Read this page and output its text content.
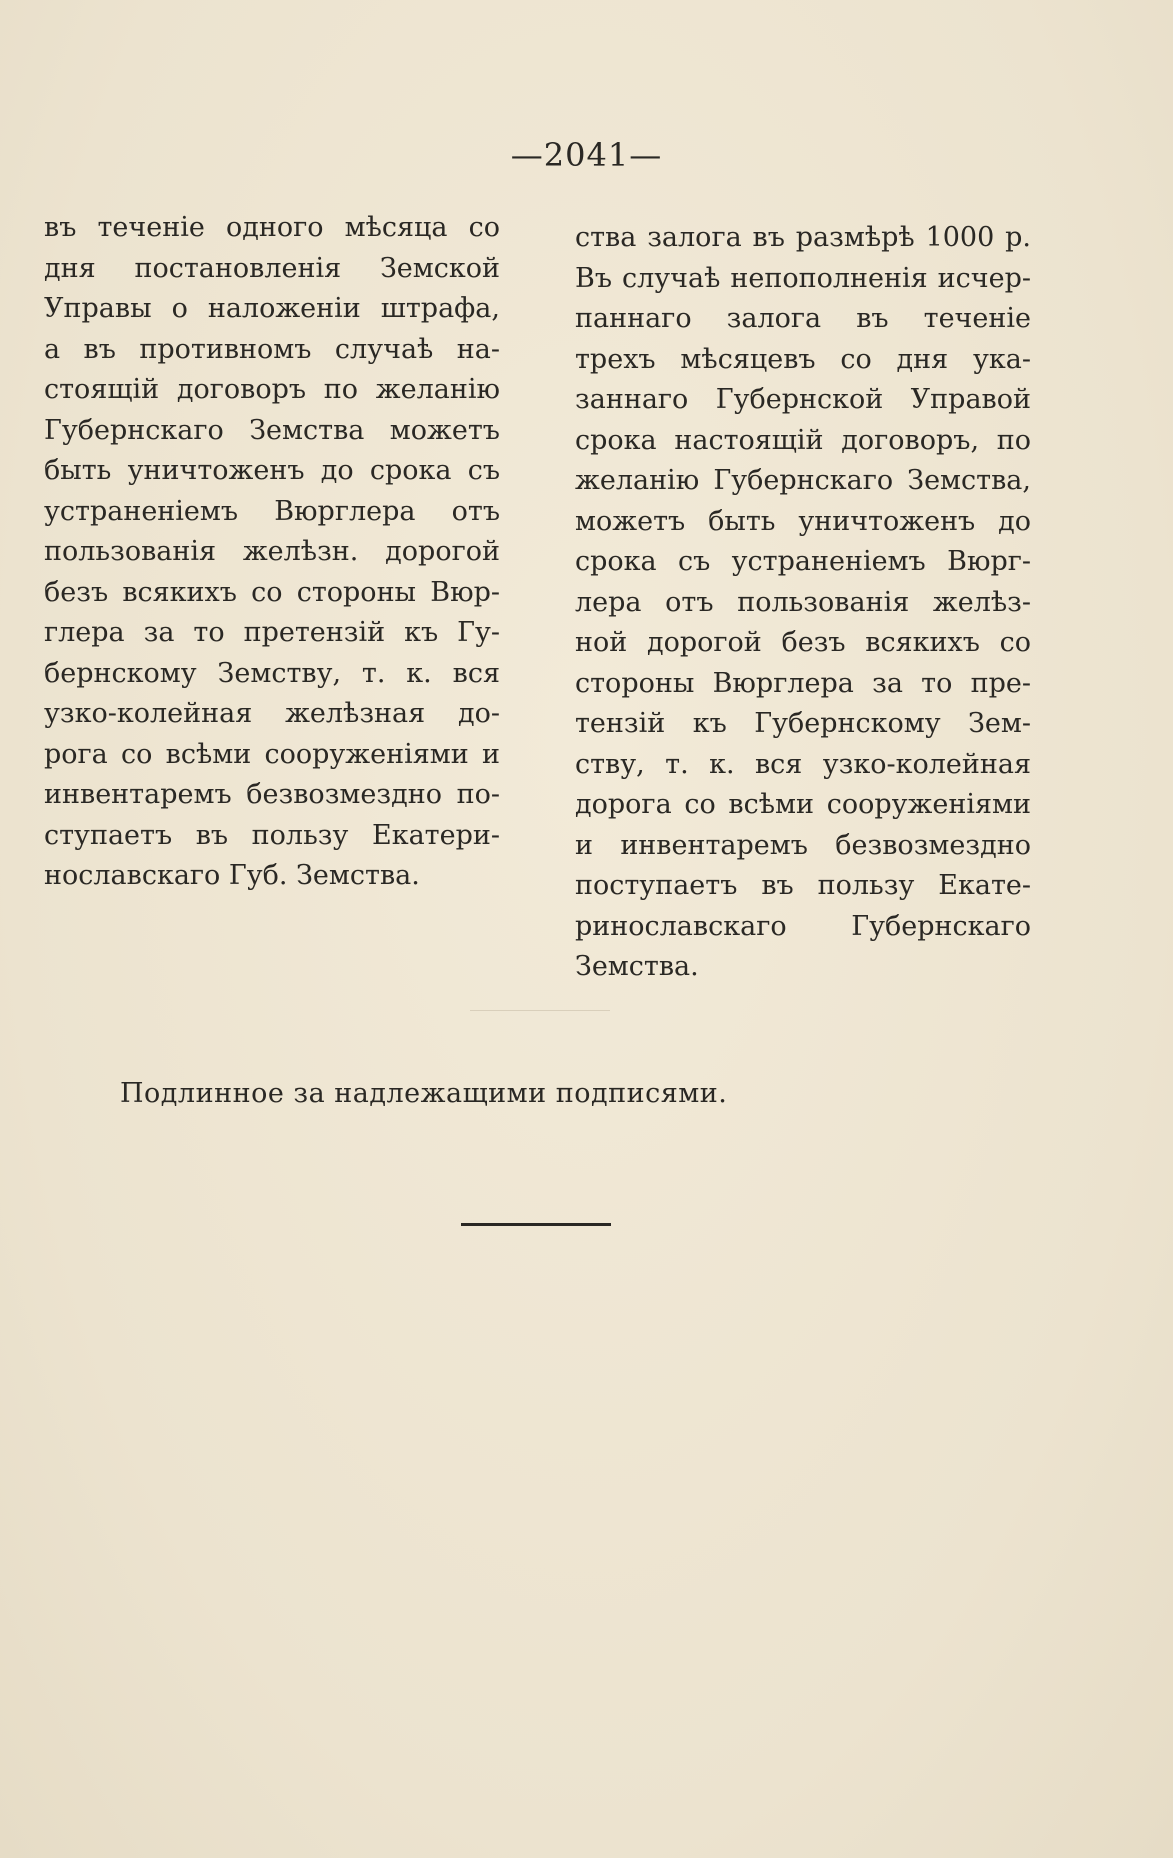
—2041—
въ теченіе одного мѣсяца со
дня постановленія Земской
Управы о наложеніи штрафа,
а въ противномъ случаѣ на-
стоящій договоръ по желанію
Губернскаго Земства можетъ
быть уничтоженъ до срока съ
устраненіемъ Вюрглера отъ
пользованія желѣзн. дорогой
безъ всякихъ со стороны Вюр-
глера за то претензій къ Гу-
бернскому Земству, т. к. вся
узко-колейная желѣзная до-
рога со всѣми сооруженіями и
инвентаремъ безвозмездно по-
ступаетъ въ пользу Екатери-
нославскаго Губ. Земства.
ства залога въ размѣрѣ 1000 р.
Въ случаѣ непополненія исчер-
паннаго залога въ теченіе
трехъ мѣсяцевъ со дня ука-
заннаго Губернской Управой
срока настоящій договоръ, по
желанію Губернскаго Земства,
можетъ быть уничтоженъ до
срока съ устраненіемъ Вюрг-
лера отъ пользованія желѣз-
ной дорогой безъ всякихъ со
стороны Вюрглера за то пре-
тензій къ Губернскому Зем-
ству, т. к. вся узко-колейная
дорога со всѣми сооруженіями
и инвентаремъ безвозмездно
поступаетъ въ пользу Екате-
ринославскаго Губернскаго
Земства.
Подлинное за надлежащими подписями.
